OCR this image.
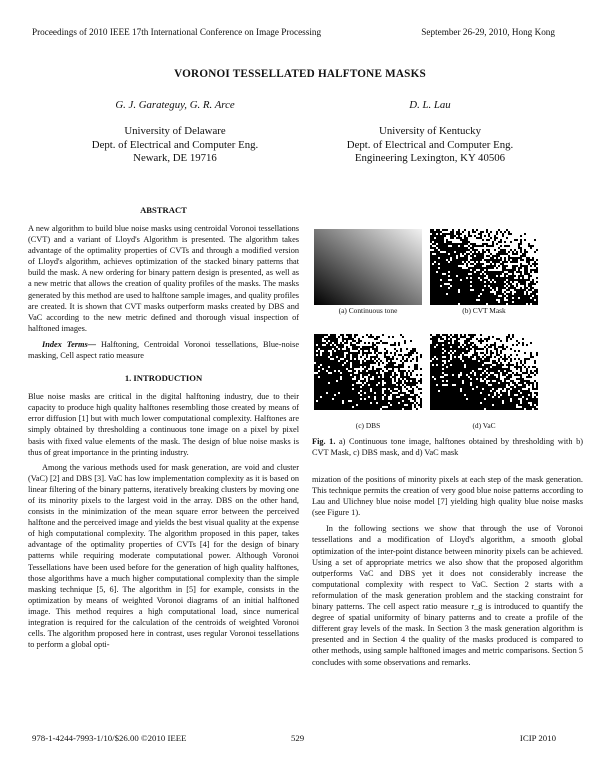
Proceedings of 2010 IEEE 17th International Conference on Image Processing	September 26-29, 2010, Hong Kong
VORONOI TESSELLATED HALFTONE MASKS
G. J. Garateguy, G. R. Arce	D. L. Lau
University of Delaware
Dept. of Electrical and Computer Eng.
Newark, DE 19716
University of Kentucky
Dept. of Electrical and Computer Eng.
Engineering Lexington, KY 40506
ABSTRACT

A new algorithm to build blue noise masks using centroidal Voronoi tessellations (CVT) and a variant of Lloyd's Algorithm is presented. The algorithm takes advantage of the optimality properties of CVTs and through a modified version of Lloyd's algorithm, achieves optimization of the stacked binary patterns that build the mask. A new ordering for binary pattern design is presented, as well as a new metric that allows the creation of quality profiles of the masks. The masks generated by this method are used to halftone sample images, and quality profiles are created. It is shown that CVT masks outperform masks created by DBS and VaC according to the new metric defined and thorough visual inspection of halftoned images.

Index Terms— Halftoning, Centroidal Voronoi tessellations, Blue-noise masking, Cell aspect ratio measure

1. INTRODUCTION

Blue noise masks are critical in the digital halftoning industry, due to their capacity to produce high quality halftones resembling those created by means of error diffusion [1] but with much lower computational complexity. Halftones are simply obtained by thresholding a continuous tone image on a pixel by pixel basis with fixed value elements of the mask. The design of blue noise masks is thus of great importance in the printing industry.

Among the various methods used for mask generation, are void and cluster (VaC) [2] and DBS [3]. VaC has low implementation complexity as it is based on linear filtering of the binary patterns, iteratively breaking clusters by moving one of its minority pixels to the largest void in the array. DBS on the other hand, consists in the minimization of the mean square error between the perceived halftone and the perceived image and yields the best visual quality at the expense of high computational complexity. The algorithm proposed in this paper, takes advantage of the optimality properties of CVTs [4] for the design of binary patterns while requiring moderate computational power. Although Voronoi Tessellations have been used before for the generation of high quality halftones, those algorithms have a much higher computational complexity than the simple masking technique [5, 6]. The algorithm in [5] for example, consists in the optimization by means of weighted Voronoi diagrams of an initial halftoned image. This method requires a high computational load, since numerical integration is required for the calculation of the centroids of weighted Voronoi cells. The algorithm proposed here in contrast, uses regular Voronoi tessellations to perform a global opti-

(a) Continuous tone	(b) CVT Mask
(c) DBS	(d) VaC
Fig. 1. a) Continuous tone image, halftones obtained by thresholding with b) CVT Mask, c) DBS mask, and d) VaC mask

mization of the positions of minority pixels at each step of the mask generation. This technique permits the creation of very good blue noise patterns according to Lau and Ulichney blue noise model [7] yielding high quality blue noise masks (see Figure 1).

In the following sections we show that through the use of Voronoi tessellations and a modification of Lloyd's algorithm, a smooth global optimization of the inter-point distance between minority pixels can be achieved. Using a set of appropriate metrics we also show that the proposed algorithm outperforms VaC and DBS yet it does not considerably increase the computational complexity with respect to VaC. Section 2 starts with a reformulation of the mask generation problem and the stacking constraint for binary patterns. The cell aspect ratio measure r_g is introduced to quantify the degree of spatial uniformity of binary patterns and to create a profile of the different gray levels of the mask. In Section 3 the mask generation algorithm is presented and in Section 4 the quality of the masks produced is compared to other methods, using sample halftoned images and metric comparisons. Section 5 concludes with some observations and remarks.

978-1-4244-7993-1/10/$26.00 ©2010 IEEE	529	ICIP 2010
